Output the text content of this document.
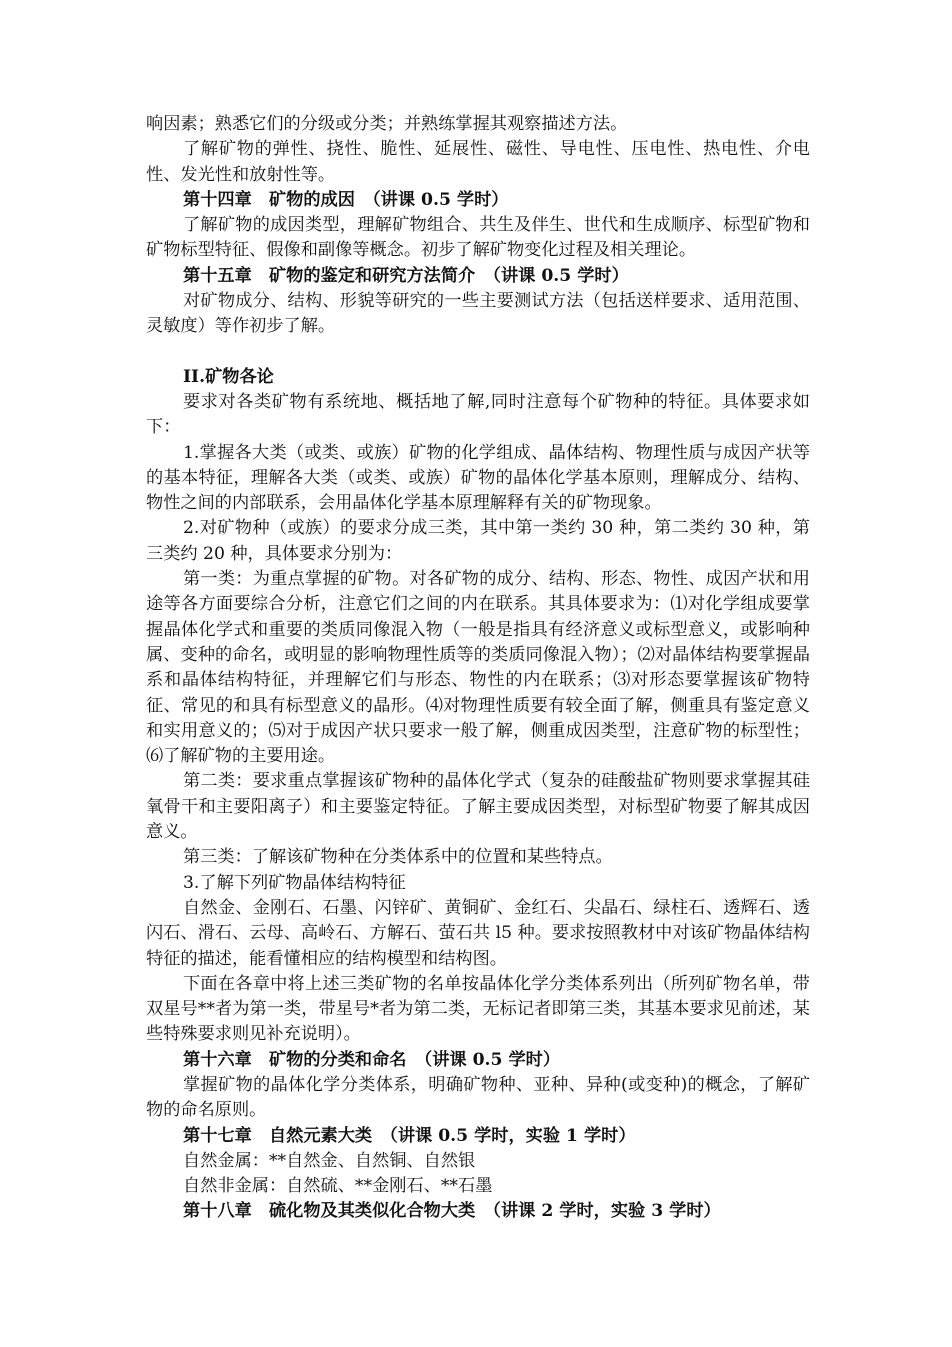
响因素；熟悉它们的分级或分类；并熟练掌握其观察描述方法。

了解矿物的弹性、挠性、脆性、延展性、磁性、导电性、压电性、热电性、介电性、发光性和放射性等。

第十四章　矿物的成因　（讲课 0.5 学时）

了解矿物的成因类型，理解矿物组合、共生及伴生、世代和生成顺序、标型矿物和矿物标型特征、假像和副像等概念。初步了解矿物变化过程及相关理论。

第十五章　矿物的鉴定和研究方法简介　（讲课 0.5 学时）

对矿物成分、结构、形貌等研究的一些主要测试方法（包括送样要求、适用范围、灵敏度）等作初步了解。

II.矿物各论

要求对各类矿物有系统地、概括地了解,同时注意每个矿物种的特征。具体要求如下：

1.掌握各大类（或类、或族）矿物的化学组成、晶体结构、物理性质与成因产状等的基本特征，理解各大类（或类、或族）矿物的晶体化学基本原则，理解成分、结构、物性之间的内部联系，会用晶体化学基本原理解释有关的矿物现象。

2.对矿物种（或族）的要求分成三类，其中第一类约 30 种，第二类约 30 种，第三类约 20 种，具体要求分别为：

第一类：为重点掌握的矿物。对各矿物的成分、结构、形态、物性、成因产状和用途等各方面要综合分析，注意它们之间的内在联系。其具体要求为：⑴对化学组成要掌握晶体化学式和重要的类质同像混入物（一般是指具有经济意义或标型意义，或影响种属、变种的命名，或明显的影响物理性质等的类质同像混入物）；⑵对晶体结构要掌握晶系和晶体结构特征，并理解它们与形态、物性的内在联系；⑶对形态要掌握该矿物特征、常见的和具有标型意义的晶形。⑷对物理性质要有较全面了解，侧重具有鉴定意义和实用意义的；⑸对于成因产状只要求一般了解，侧重成因类型，注意矿物的标型性；⑹了解矿物的主要用途。

第二类：要求重点掌握该矿物种的晶体化学式（复杂的硅酸盐矿物则要求掌握其硅氧骨干和主要阳离子）和主要鉴定特征。了解主要成因类型，对标型矿物要了解其成因意义。

第三类：了解该矿物种在分类体系中的位置和某些特点。

3.了解下列矿物晶体结构特征

自然金、金刚石、石墨、闪锌矿、黄铜矿、金红石、尖晶石、绿柱石、透辉石、透闪石、滑石、云母、高岭石、方解石、萤石共 l5 种。要求按照教材中对该矿物晶体结构特征的描述，能看懂相应的结构模型和结构图。

下面在各章中将上述三类矿物的名单按晶体化学分类体系列出（所列矿物名单，带双星号**者为第一类，带星号*者为第二类，无标记者即第三类，其基本要求见前述，某些特殊要求则见补充说明）。

第十六章　矿物的分类和命名　（讲课 0.5 学时）

掌握矿物的晶体化学分类体系，明确矿物种、亚种、异种(或变种)的概念，了解矿物的命名原则。

第十七章　自然元素大类　（讲课 0.5 学时，实验 1 学时）

自然金属：**自然金、自然铜、自然银

自然非金属：自然硫、**金刚石、**石墨

第十八章　硫化物及其类似化合物大类　（讲课 2 学时，实验 3 学时）
